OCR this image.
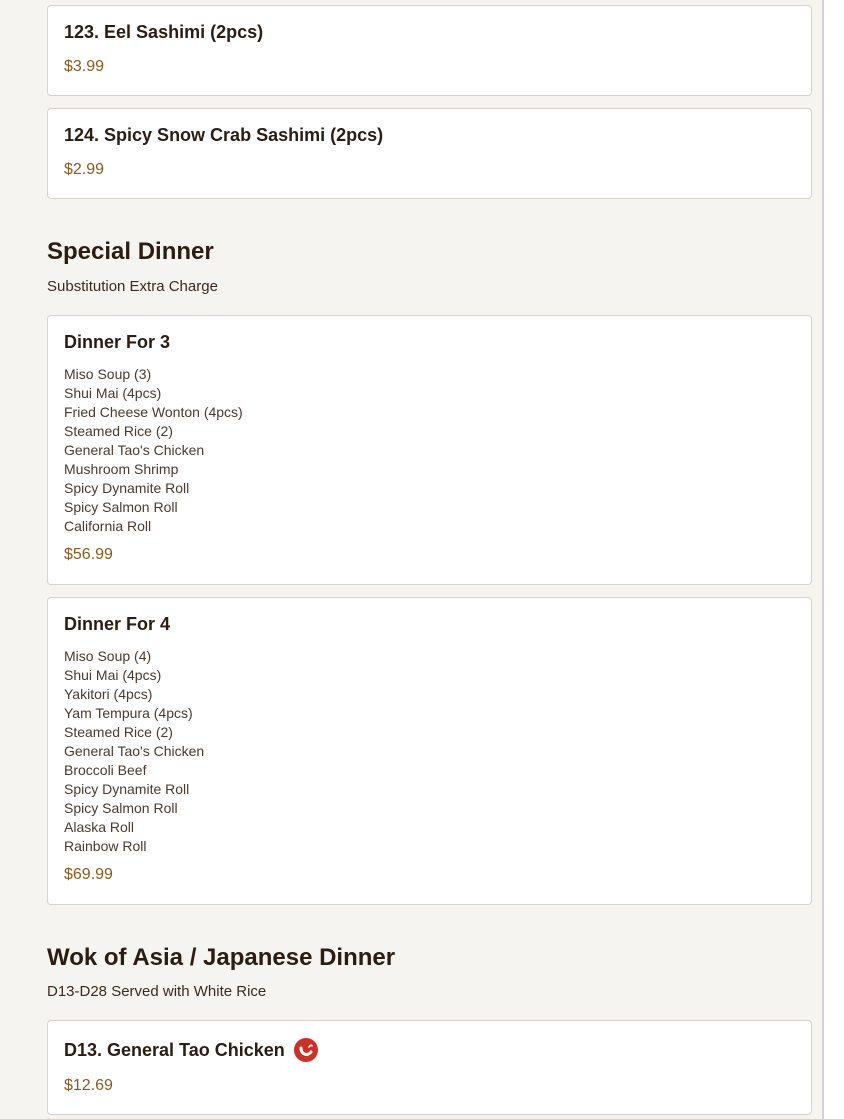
123. Eel Sashimi (2pcs)
$3.99
124. Spicy Snow Crab Sashimi (2pcs)
$2.99
Special Dinner
Substitution Extra Charge
Dinner For 3
Miso Soup (3)
Shui Mai (4pcs)
Fried Cheese Wonton (4pcs)
Steamed Rice (2)
General Tao's Chicken
Mushroom Shrimp
Spicy Dynamite Roll
Spicy Salmon Roll
California Roll
$56.99
Dinner For 4
Miso Soup (4)
Shui Mai (4pcs)
Yakitori (4pcs)
Yam Tempura (4pcs)
Steamed Rice (2)
General Tao's Chicken
Broccoli Beef
Spicy Dynamite Roll
Spicy Salmon Roll
Alaska Roll
Rainbow Roll
$69.99
Wok of Asia / Japanese Dinner
D13-D28 Served with White Rice
D13. General Tao Chicken
$12.69
